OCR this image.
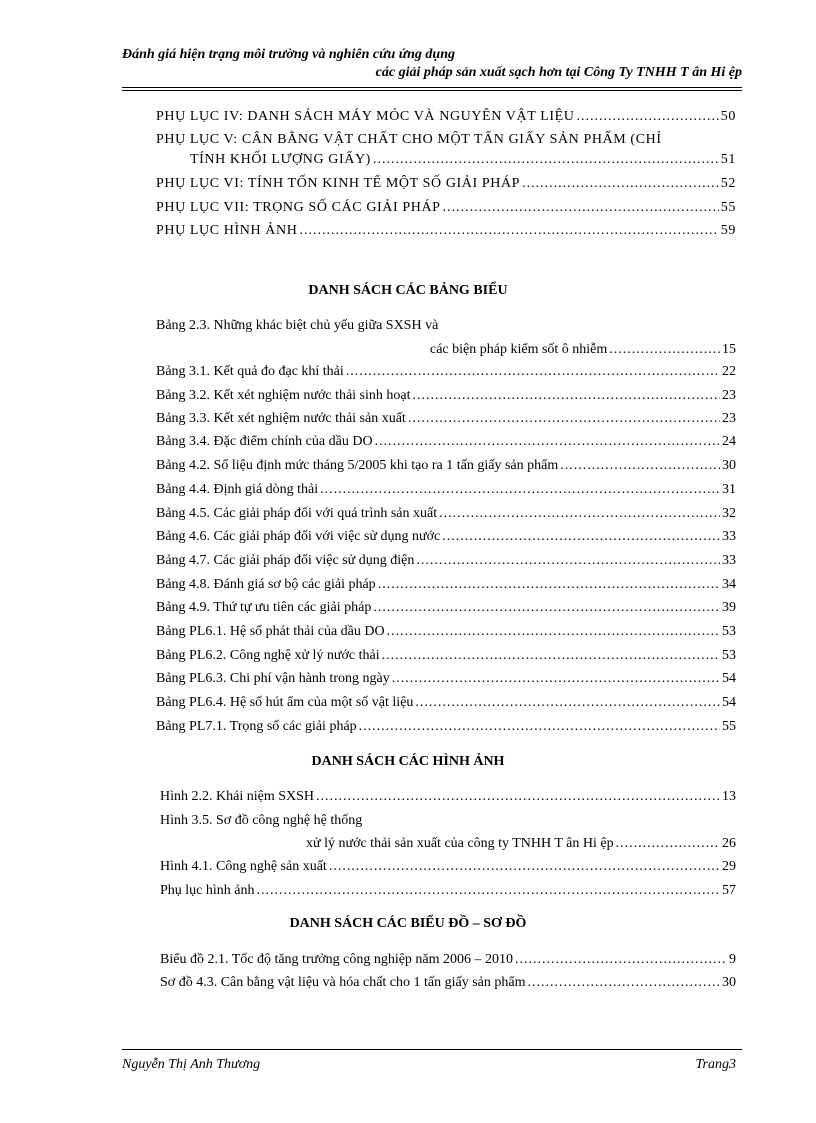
Đánh giá hiện trạng môi trường và nghiên cứu ứng dụng
các giải pháp sản xuất sạch hơn tại Công Ty TNHH T ân Hi ệp
PHỤ LỤC IV: DANH SÁCH MÁY MÓC VÀ NGUYÊN VẬT LIỆU .....	50
PHỤ LỤC V: CÂN BẰNG VẬT CHẤT CHO MỘT TẤN GIẤY SẢN PHẨM (CHỈ
TÍNH KHỐI LƯỢNG GIẤY) .....	51
PHỤ LỤC VI: TÍNH TỐN KINH TẾ MỘT SỐ GIẢI PHÁP .....	52
PHỤ LỤC VII: TRỌNG SỐ CÁC GIẢI PHÁP .....	55
PHỤ LỤC HÌNH ẢNH .....	59
DANH SÁCH CÁC BẢNG BIỂU
Bảng 2.3. Những khác biệt chủ yếu giữa SXSH và
các biện pháp kiểm sốt ô nhiễm .....	15
Bảng 3.1. Kết quả đo đạc khí thải .....	22
Bảng 3.2. Kết xét nghiệm nước thải sinh hoạt .....	23
Bảng 3.3. Kết xét nghiệm nước thải sản xuất .....	23
Bảng 3.4. Đặc điểm chính của dầu DO .....	24
Bảng 4.2. Số liệu định mức tháng 5/2005 khi tạo ra 1 tấn giấy sản phẩm .....	30
Bảng 4.4. Định giá dòng thải .....	31
Bảng 4.5. Các giải pháp đối với quá trình sản xuất .....	32
Bảng 4.6. Các giải pháp đối với việc sử dụng nước .....	33
Bảng 4.7. Các giải pháp đối việc sử dụng điện .....	33
Bảng 4.8. Đánh giá sơ bộ các giải pháp .....	34
Bảng 4.9. Thứ tự ưu tiên các giải pháp .....	39
Bảng PL6.1. Hệ số phát thải của dầu DO .....	53
Bảng PL6.2. Công nghệ xử lý nước thải .....	53
Bảng PL6.3. Chi phí vận hành trong ngày .....	54
Bảng PL6.4. Hệ số hút ẩm của một số vật liệu .....	54
Bảng PL7.1. Trọng số các giải pháp .....	55
DANH SÁCH CÁC HÌNH ẢNH
Hình 2.2. Khái niệm SXSH .....	13
Hình 3.5. Sơ đồ công nghệ hệ thống
xử lý nước thải sản xuất của công ty TNHH T ân Hi ệp .....	26
Hình 4.1. Công nghệ sản xuất .....	29
Phụ lục hình ảnh .....	57
DANH SÁCH CÁC BIỂU ĐỒ – SƠ ĐỒ
Biểu đồ 2.1. Tốc độ tăng trưởng công nghiệp năm 2006 – 2010 .....	9
Sơ đồ 4.3. Cân bằng vật liệu và hóa chất cho 1 tấn giấy sản phẩm .....	30
Nguyễn Thị Anh Thương	Trang3
